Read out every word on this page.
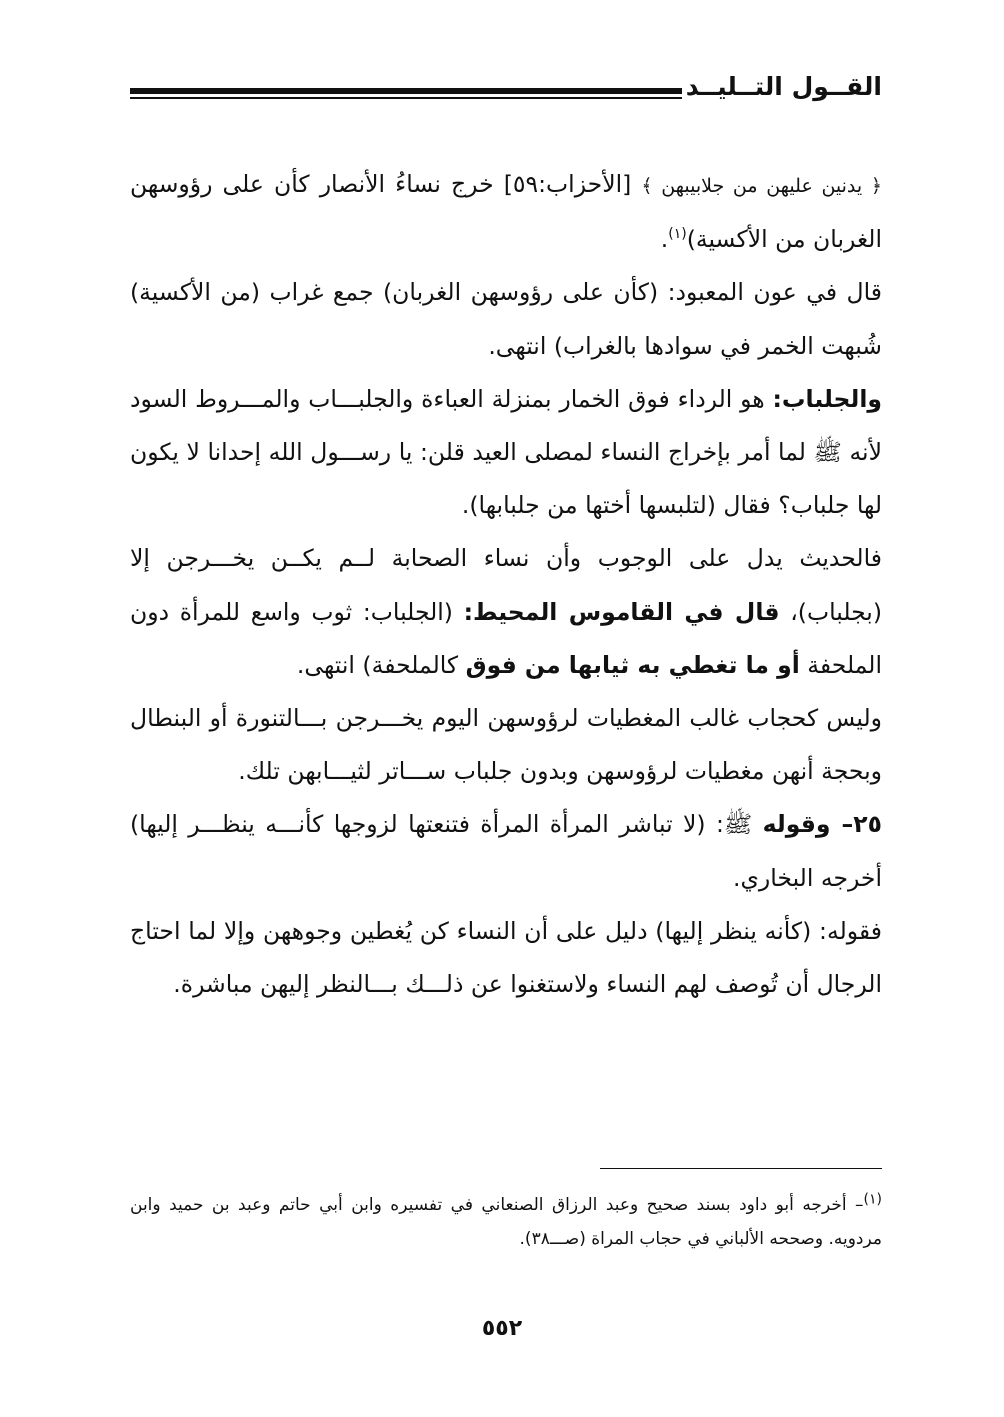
القــول التــليــد

﴿ يدنين عليهن من جلابيبهن ﴾ [الأحزاب:٥٩] خرج نساءُ الأنصار كأن على رؤوسهن الغربان من الأكسية)$^{(١)}$.

قال في عون المعبود: (كأن على رؤوسهن الغربان) جمع غراب (من الأكسية) شُبهت الخمر في سوادها بالغراب) انتهى.

والجلباب: هو الرداء فوق الخمار بمنزلة العباءة والجلبـــاب والمـــروط السود لأنه ﷺ لما أمر بإخراج النساء لمصلى العيد قلن: يا رســـول الله إحدانا لا يكون لها جلباب؟ فقال (لتلبسها أختها من جلبابها).

فالحديث يدل على الوجوب وأن نساء الصحابة لــم يكــن يخـــرجن إلا (بجلباب)، قال في القاموس المحيط: (الجلباب: ثوب واسع للمرأة دون الملحفة أو ما تغطي به ثيابها من فوق كالملحفة) انتهى.

وليس كحجاب غالب المغطيات لرؤوسهن اليوم يخـــرجن بـــالتنورة أو البنطال وبحجة أنهن مغطيات لرؤوسهن وبدون جلباب ســـاتر لثيـــابهن تلك.

٢٥– وقوله ﷺ: (لا تباشر المرأة المرأة فتنعتها لزوجها كأنـــه ينظـــر إليها) أخرجه البخاري.

فقوله: (كأنه ينظر إليها) دليل على أن النساء كن يُغطين وجوههن وإلا لما احتاج الرجال أن تُوصف لهم النساء ولاستغنوا عن ذلـــك بـــالنظر إليهن مباشرة.

$^{(١)}$– أخرجه أبو داود بسند صحيح وعبد الرزاق الصنعاني في تفسيره وابن أبي حاتم وعبد بن حميد وابن مردويه. وصححه الألباني في حجاب المراة (صـــ٣٨).
٥٥٢
